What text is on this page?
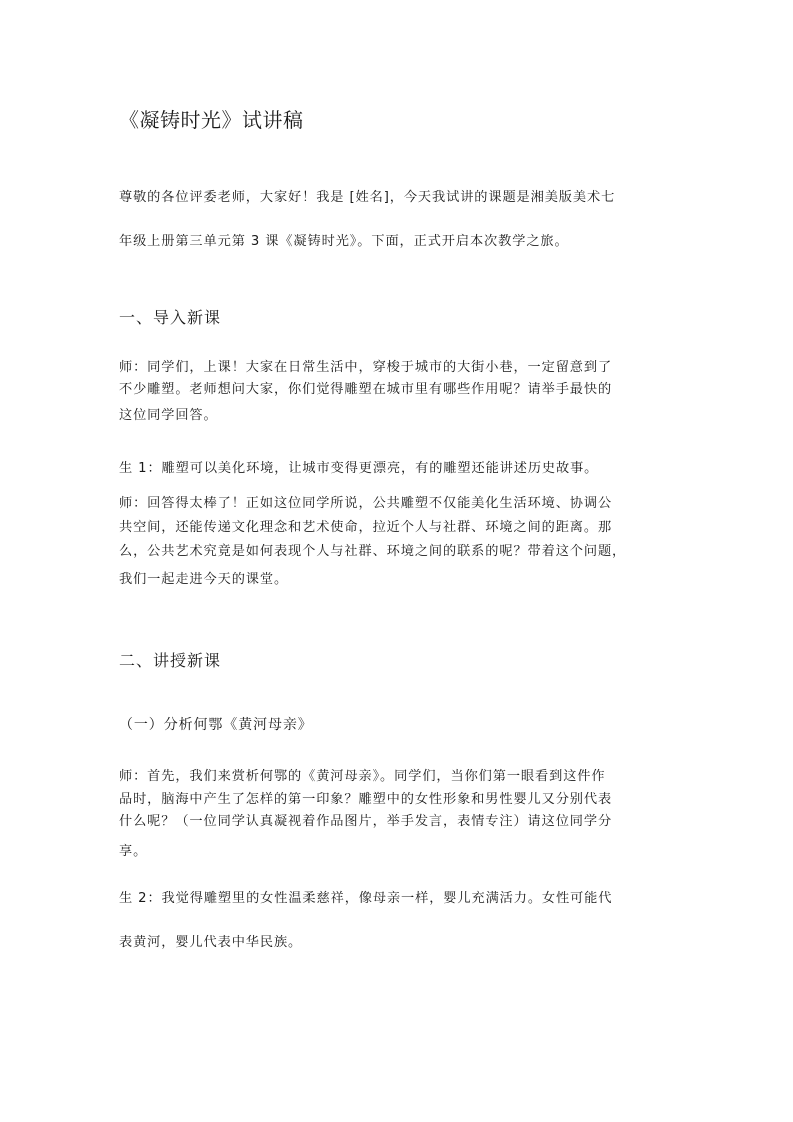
《凝铸时光》试讲稿
尊敬的各位评委老师，大家好！我是 [姓名]，今天我试讲的课题是湘美版美术七
年级上册第三单元第 3 课《凝铸时光》。下面，正式开启本次教学之旅。
一、导入新课
师：同学们，上课！大家在日常生活中，穿梭于城市的大街小巷，一定留意到了
不少雕塑。老师想问大家，你们觉得雕塑在城市里有哪些作用呢？请举手最快的
这位同学回答。
生 1：雕塑可以美化环境，让城市变得更漂亮，有的雕塑还能讲述历史故事。
师：回答得太棒了！正如这位同学所说，公共雕塑不仅能美化生活环境、协调公
共空间，还能传递文化理念和艺术使命，拉近个人与社群、环境之间的距离。那
么，公共艺术究竟是如何表现个人与社群、环境之间的联系的呢？带着这个问题，
我们一起走进今天的课堂。
二、讲授新课
（一）分析何鄂《黄河母亲》
师：首先，我们来赏析何鄂的《黄河母亲》。同学们，当你们第一眼看到这件作
品时，脑海中产生了怎样的第一印象？雕塑中的女性形象和男性婴儿又分别代表
什么呢？（一位同学认真凝视着作品图片，举手发言，表情专注）请这位同学分
享。
生 2：我觉得雕塑里的女性温柔慈祥，像母亲一样，婴儿充满活力。女性可能代
表黄河，婴儿代表中华民族。
